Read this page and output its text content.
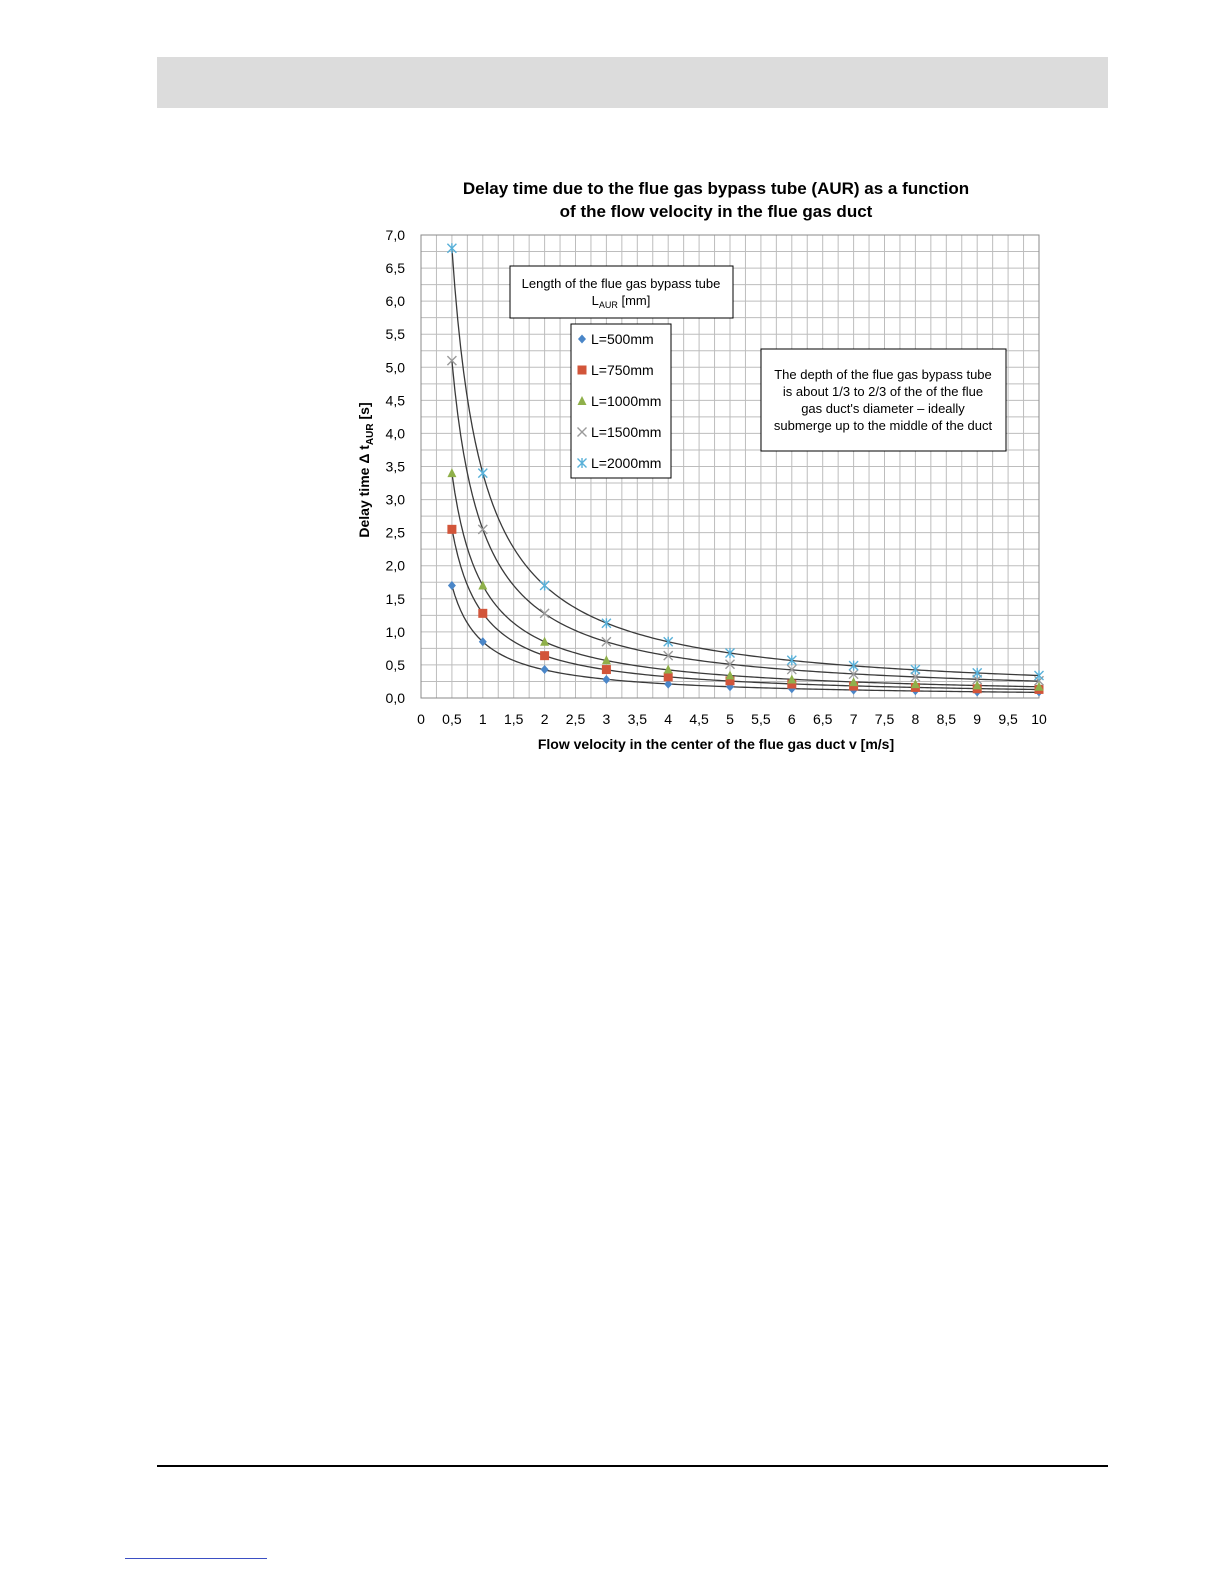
Delay time due to the flue gas bypass tube (AUR) as a function
of the flow velocity in the flue gas duct
0,0
0,5
1,0
1,5
2,0
2,5
3,0
3,5
4,0
4,5
5,0
5,5
6,0
6,5
7,0
0 0,5 1 1,5 2 2,5 3 3,5 4 4,5 5 5,5 6 6,5 7 7,5 8 8,5 9 9,5 10
Delay time Δ $t_{AUR}$ [s]
Flow velocity in the center of the flue gas duct v [m/s]
Length of the flue gas bypass tube
$L_{AUR}$ [mm]
L=500mm
L=750mm
L=1000mm
L=1500mm
L=2000mm
The depth of the flue gas bypass tube
is about 1/3 to 2/3 of the of the flue
gas duct's diameter – ideally
submerge up to the middle of the duct
